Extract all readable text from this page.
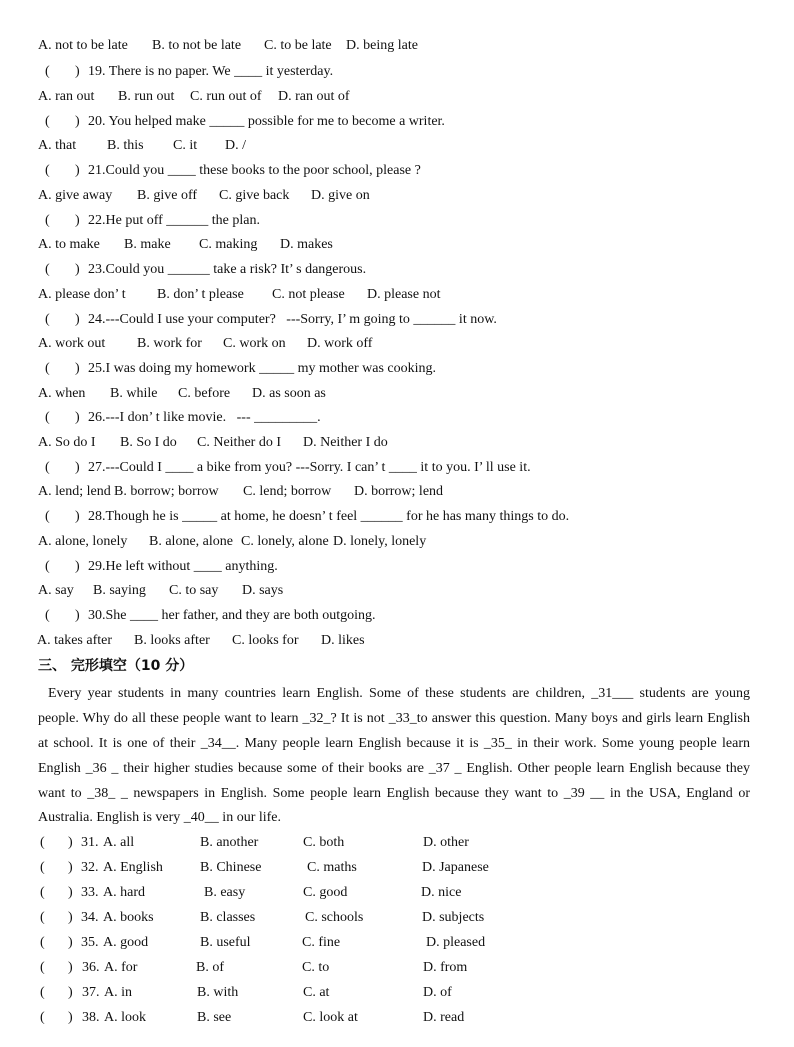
A. not to be late B. to not be late C. to be late D. being late
( ) 19. There is no paper. We ____ it yesterday.
A. ran out B. run out C. run out of D. ran out of
( ) 20. You helped make _____ possible for me to become a writer.
A. that B. this C. it D. /
( ) 21.Could you ____ these books to the poor school, please ?
A. give away B. give off C. give back D. give on
( ) 22.He put off ______ the plan.
A. to make B. make C. making D. makes
( ) 23.Could you ______ take a risk? It’ s dangerous.
A. please don’ t B. don’ t please C. not please D. please not
( ) 24.---Could I use your computer?   ---Sorry, I’ m going to ______ it now.
A. work out B. work for C. work on D. work off
( ) 25.I was doing my homework _____ my mother was cooking.
A. when B. while C. before D. as soon as
( ) 26.---I don’ t like movie.   --- _________.
A. So do I B. So I do C. Neither do I D. Neither I do
( ) 27.---Could I ____ a bike from you? ---Sorry. I can’ t ____ it to you. I’ ll use it.
A. lend; lend B. borrow; borrow C. lend; borrow D. borrow; lend
( ) 28.Though he is _____ at home, he doesn’ t feel ______ for he has many things to do.
A. alone, lonely B. alone, alone C. lonely, alone D. lonely, lonely
( ) 29.He left without ____ anything.
A. say B. saying C. to say D. says
( ) 30.She ____ her father, and they are both outgoing.
A. takes after B. looks after C. looks for D. likes
三、 完形填空（10 分）
Every year students in many countries learn English. Some of these students are children, _31___ students are young
people. Why do all these people want to learn _32_? It is not _33_to answer this question. Many boys and girls learn English
at school. It is one of their _34__. Many people learn English because it is _35_ in their work. Some young people learn
English _36 _ their higher studies because some of their books are _37 _ English. Other people learn English because they
want to _38_ _ newspapers in English. Some people learn English because they want to _39 __ in the USA, England or
Australia. English is very _40__ in our life.
( ) 31. A. all	B. another	C. both	D. other
( ) 32. A. English	B. Chinese	C. maths	D. Japanese
( ) 33. A. hard	B. easy	C. good	D. nice
( ) 34. A. books	B. classes	C. schools	D. subjects
( ) 35. A. good	B. useful	C. fine	D. pleased
( ) 36. A. for	B. of	C. to	D. from
( ) 37. A. in	B. with	C. at	D. of
( ) 38. A. look	B. see	C. look at	D. read
